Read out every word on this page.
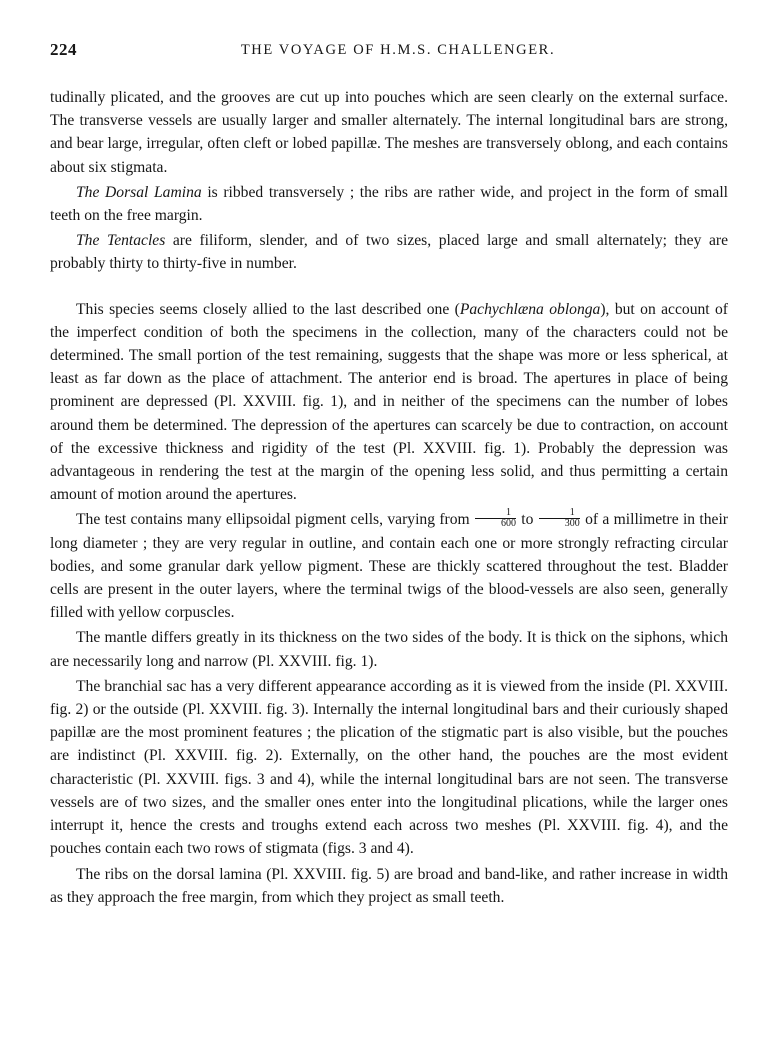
224	THE VOYAGE OF H.M.S. CHALLENGER.

tudinally plicated, and the grooves are cut up into pouches which are seen clearly on the external surface. The transverse vessels are usually larger and smaller alternately. The internal longitudinal bars are strong, and bear large, irregular, often cleft or lobed papillæ. The meshes are transversely oblong, and each contains about six stigmata.

The Dorsal Lamina is ribbed transversely ; the ribs are rather wide, and project in the form of small teeth on the free margin.

The Tentacles are filiform, slender, and of two sizes, placed large and small alternately; they are probably thirty to thirty-five in number.

This species seems closely allied to the last described one (Pachychlæna oblonga), but on account of the imperfect condition of both the specimens in the collection, many of the characters could not be determined. The small portion of the test remaining, suggests that the shape was more or less spherical, at least as far down as the place of attachment. The anterior end is broad. The apertures in place of being prominent are depressed (Pl. XXVIII. fig. 1), and in neither of the specimens can the number of lobes around them be determined. The depression of the apertures can scarcely be due to contraction, on account of the excessive thickness and rigidity of the test (Pl. XXVIII. fig. 1). Probably the depression was advantageous in rendering the test at the margin of the opening less solid, and thus permitting a certain amount of motion around the apertures.

The test contains many ellipsoidal pigment cells, varying from $\frac{1}{600}$ to $\frac{1}{300}$ of a millimetre in their long diameter ; they are very regular in outline, and contain each one or more strongly refracting circular bodies, and some granular dark yellow pigment. These are thickly scattered throughout the test. Bladder cells are present in the outer layers, where the terminal twigs of the blood-vessels are also seen, generally filled with yellow corpuscles.

The mantle differs greatly in its thickness on the two sides of the body. It is thick on the siphons, which are necessarily long and narrow (Pl. XXVIII. fig. 1).

The branchial sac has a very different appearance according as it is viewed from the inside (Pl. XXVIII. fig. 2) or the outside (Pl. XXVIII. fig. 3). Internally the internal longitudinal bars and their curiously shaped papillæ are the most prominent features ; the plication of the stigmatic part is also visible, but the pouches are indistinct (Pl. XXVIII. fig. 2). Externally, on the other hand, the pouches are the most evident characteristic (Pl. XXVIII. figs. 3 and 4), while the internal longitudinal bars are not seen. The transverse vessels are of two sizes, and the smaller ones enter into the longitudinal plications, while the larger ones interrupt it, hence the crests and troughs extend each across two meshes (Pl. XXVIII. fig. 4), and the pouches contain each two rows of stigmata (figs. 3 and 4).

The ribs on the dorsal lamina (Pl. XXVIII. fig. 5) are broad and band-like, and rather increase in width as they approach the free margin, from which they project as small teeth.
